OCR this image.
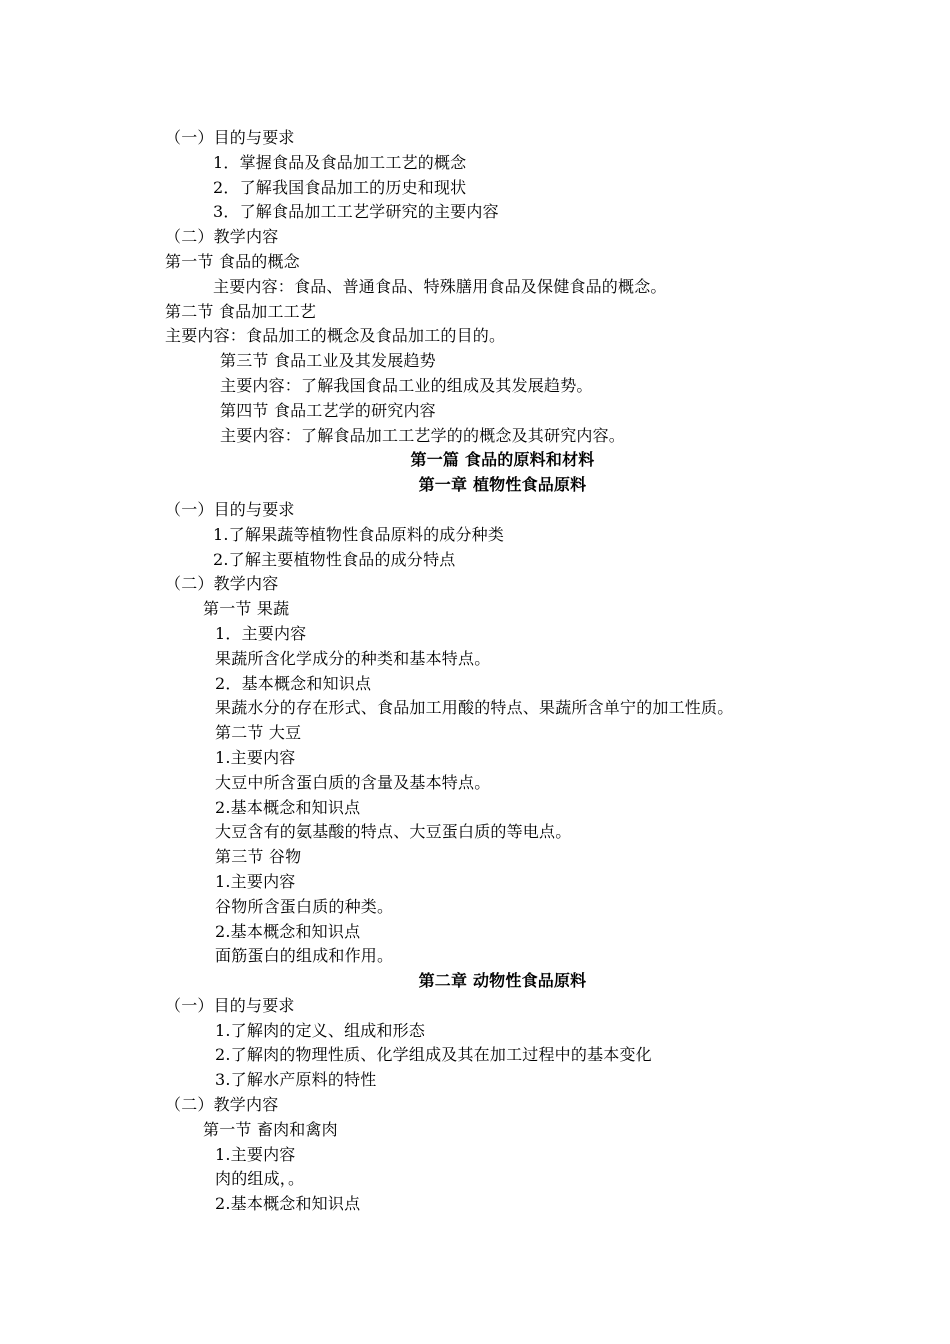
（一）目的与要求
1．掌握食品及食品加工工艺的概念
2．了解我国食品加工的历史和现状
3．了解食品加工工艺学研究的主要内容
（二）教学内容
第一节 食品的概念
主要内容：食品、普通食品、特殊膳用食品及保健食品的概念。
第二节 食品加工工艺
主要内容：食品加工的概念及食品加工的目的。
第三节 食品工业及其发展趋势
主要内容：了解我国食品工业的组成及其发展趋势。
第四节 食品工艺学的研究内容
主要内容：了解食品加工工艺学的的概念及其研究内容。
第一篇 食品的原料和材料
第一章 植物性食品原料
（一）目的与要求
1.了解果蔬等植物性食品原料的成分种类
2.了解主要植物性食品的成分特点
（二）教学内容
第一节 果蔬
1．主要内容
果蔬所含化学成分的种类和基本特点。
2．基本概念和知识点
果蔬水分的存在形式、食品加工用酸的特点、果蔬所含单宁的加工性质。
第二节 大豆
1.主要内容
大豆中所含蛋白质的含量及基本特点。
2.基本概念和知识点
大豆含有的氨基酸的特点、大豆蛋白质的等电点。
第三节 谷物
1.主要内容
谷物所含蛋白质的种类。
2.基本概念和知识点
面筋蛋白的组成和作用。
第二章 动物性食品原料
（一）目的与要求
1.了解肉的定义、组成和形态
2.了解肉的物理性质、化学组成及其在加工过程中的基本变化
3.了解水产原料的特性
（二）教学内容
第一节 畜肉和禽肉
1.主要内容
肉的组成，。
2.基本概念和知识点
